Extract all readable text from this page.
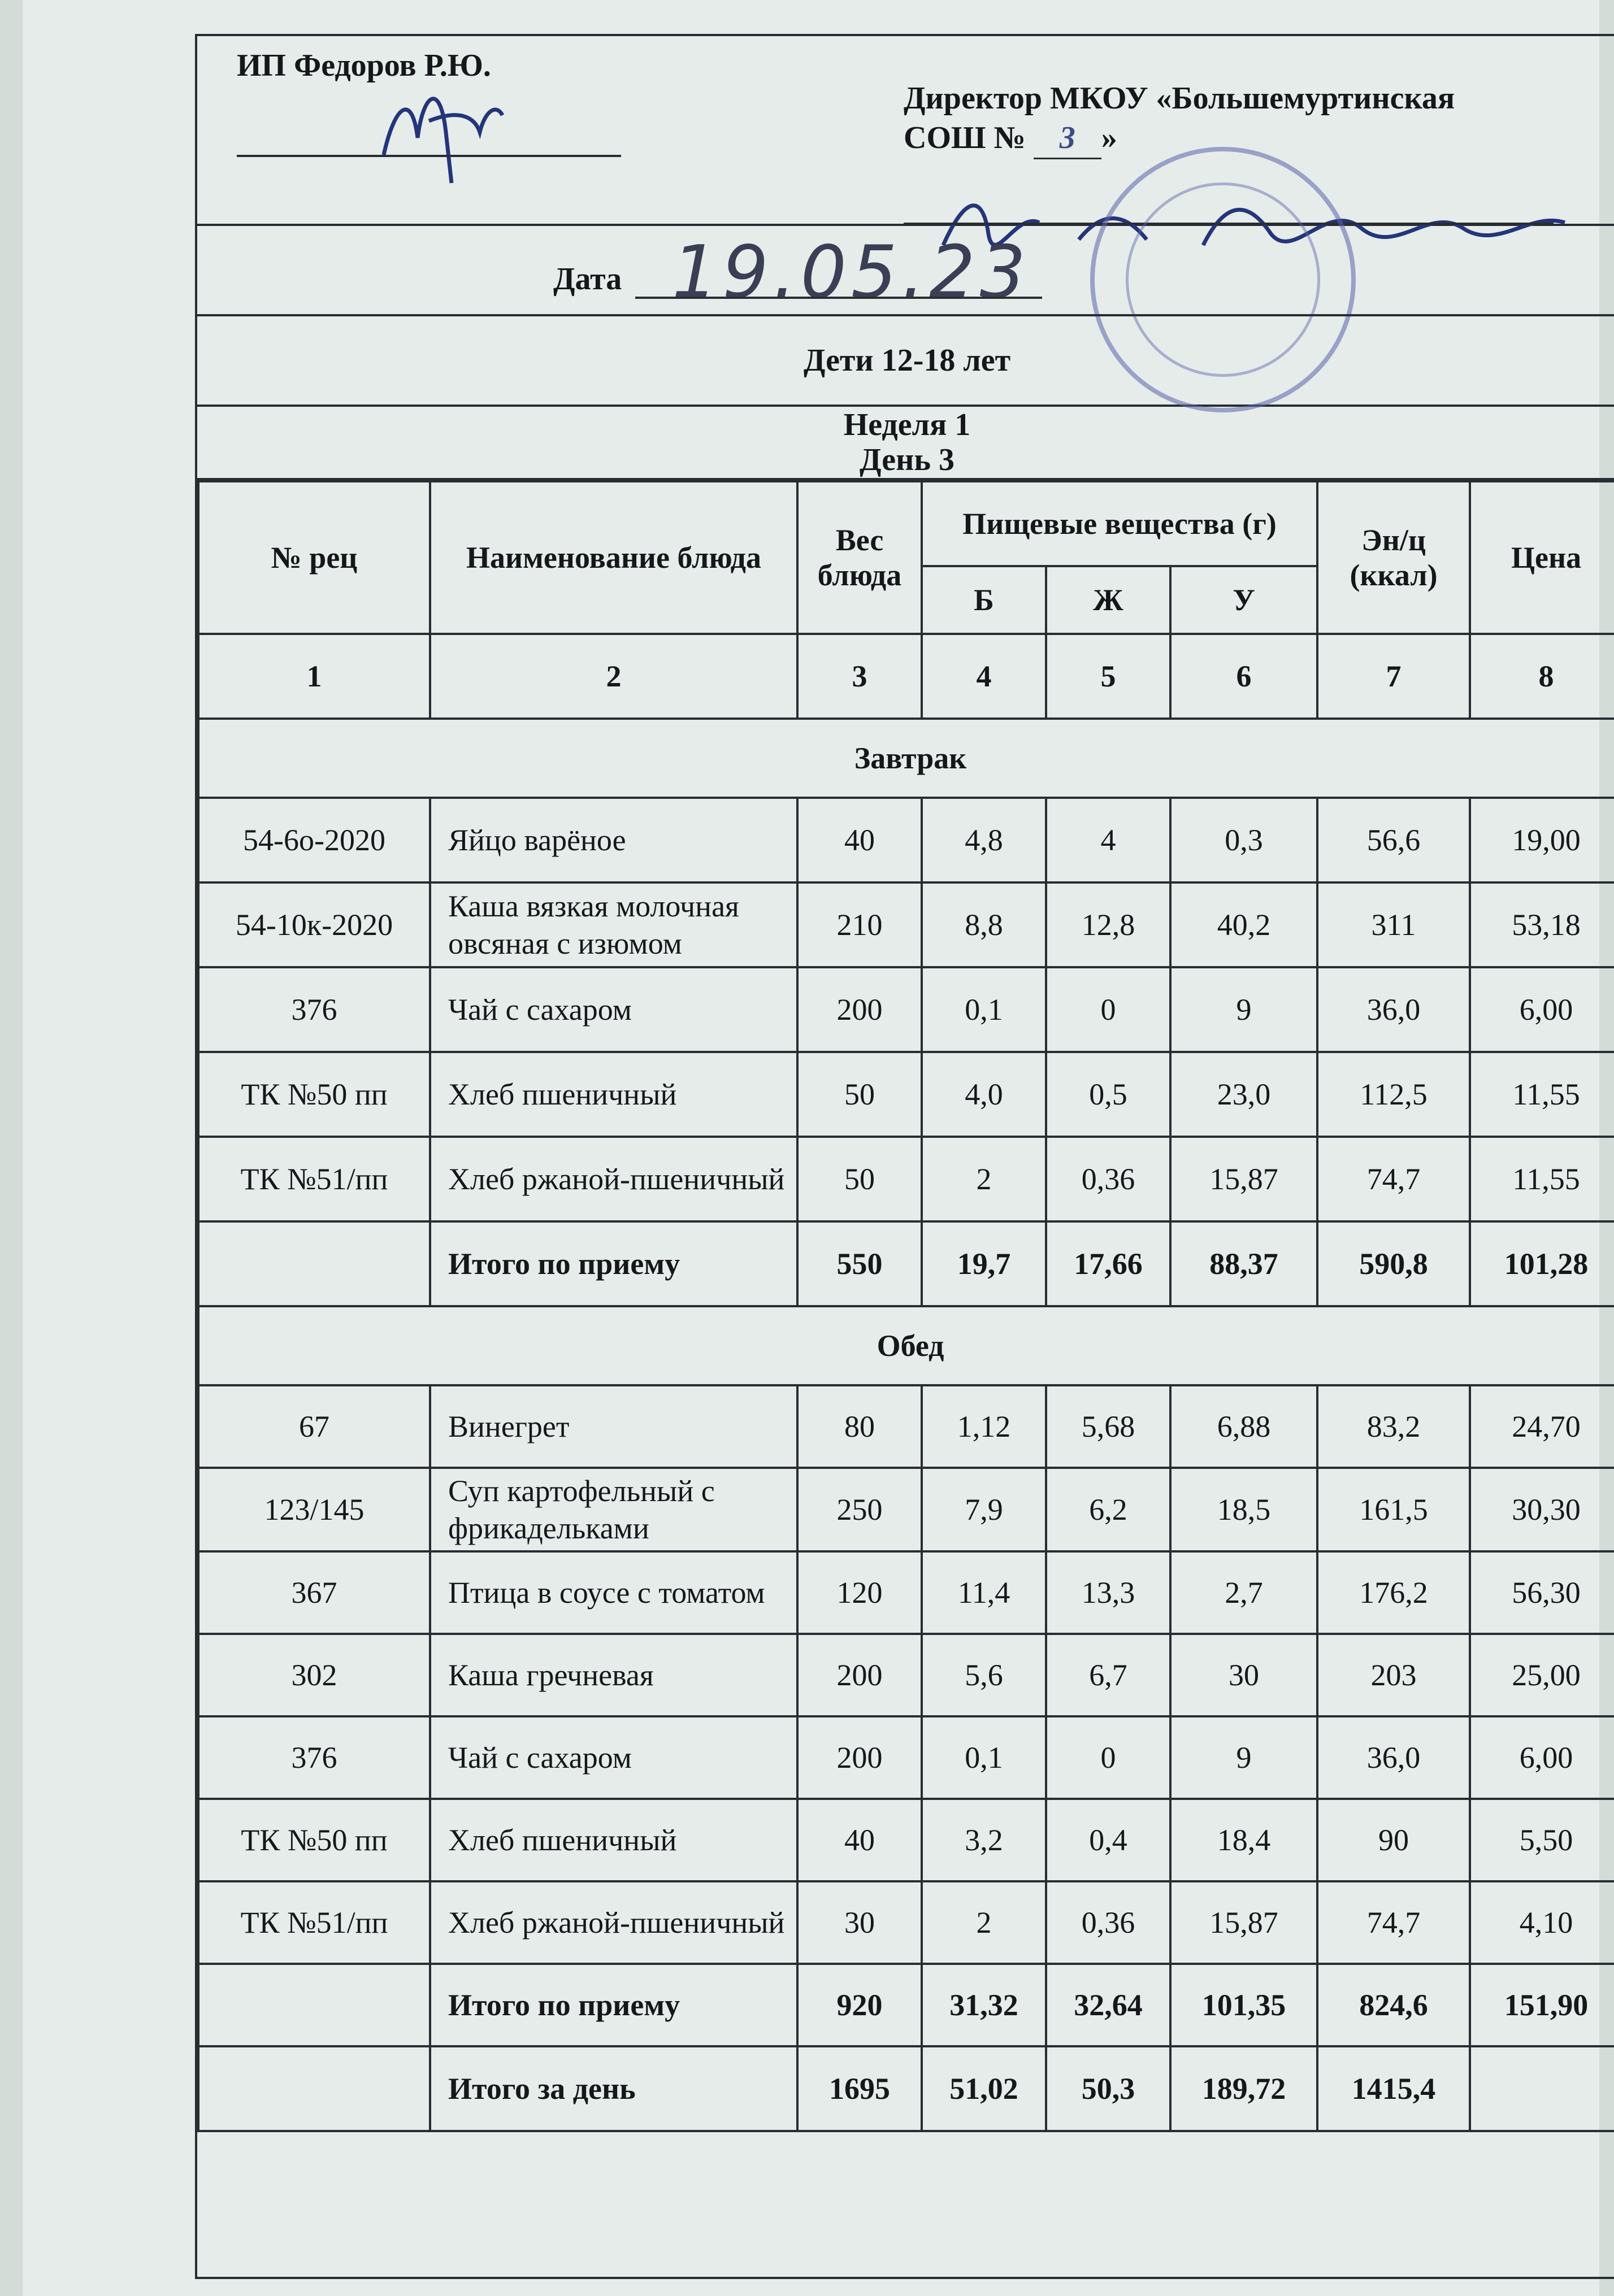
ИП Федоров Р.Ю.
Директор МКОУ «Большемуртинская
СОШ № 3 »
Дата 19.05.23
Дети 12-18 лет
Неделя 1
День 3
№ рец	Наименование блюда	Вес блюда	Пищевые вещества (г)			Эн/ц (ккал)	Цена
			Б	Ж	У		
1	2	3	4	5	6	7	8
Завтрак							
54-6о-2020	Яйцо варёное	40	4,8	4	0,3	56,6	19,00
54-10к-2020	Каша вязкая молочная овсяная с изюмом	210	8,8	12,8	40,2	311	53,18
376	Чай с сахаром	200	0,1	0	9	36,0	6,00
ТК №50 пп	Хлеб пшеничный	50	4,0	0,5	23,0	112,5	11,55
ТК №51/пп	Хлеб ржаной-пшеничный	50	2	0,36	15,87	74,7	11,55
	Итого по приему	550	19,7	17,66	88,37	590,8	101,28
Обед							
67	Винегрет	80	1,12	5,68	6,88	83,2	24,70
123/145	Суп картофельный с фрикадельками	250	7,9	6,2	18,5	161,5	30,30
367	Птица в соусе с томатом	120	11,4	13,3	2,7	176,2	56,30
302	Каша гречневая	200	5,6	6,7	30	203	25,00
376	Чай с сахаром	200	0,1	0	9	36,0	6,00
ТК №50 пп	Хлеб пшеничный	40	3,2	0,4	18,4	90	5,50
ТК №51/пп	Хлеб ржаной-пшеничный	30	2	0,36	15,87	74,7	4,10
	Итого по приему	920	31,32	32,64	101,35	824,6	151,90
	Итого за день	1695	51,02	50,3	189,72	1415,4	
